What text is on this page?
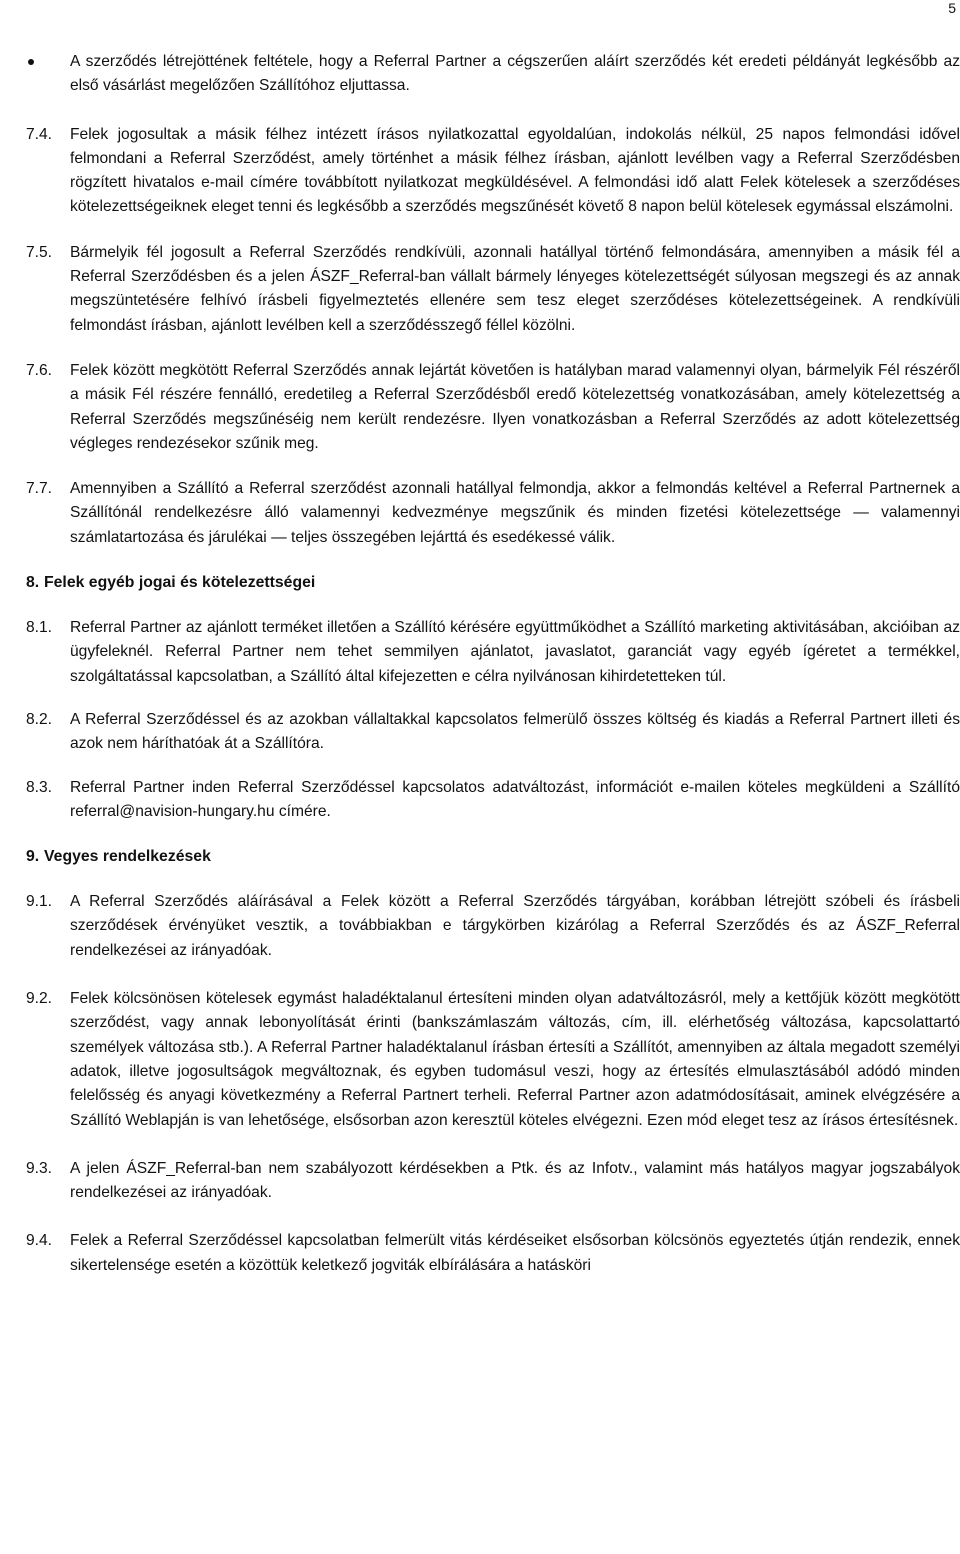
5

A szerződés létrejöttének feltétele, hogy a Referral Partner a cégszerűen aláírt szerződés két eredeti példányát legkésőbb az első vásárlást megelőzően Szállítóhoz eljuttassa.

7.4. Felek jogosultak a másik félhez intézett írásos nyilatkozattal egyoldalúan, indokolás nélkül, 25 napos felmondási idővel felmondani a Referral Szerződést, amely történhet a másik félhez írásban, ajánlott levélben vagy a Referral Szerződésben rögzített hivatalos e-mail címére továbbított nyilatkozat megküldésével. A felmondási idő alatt Felek kötelesek a szerződéses kötelezettségeiknek eleget tenni és legkésőbb a szerződés megszűnését követő 8 napon belül kötelesek egymással elszámolni.

7.5. Bármelyik fél jogosult a Referral Szerződés rendkívüli, azonnali hatállyal történő felmondására, amennyiben a másik fél a Referral Szerződésben és a jelen ÁSZF_Referral-ban vállalt bármely lényeges kötelezettségét súlyosan megszegi és az annak megszüntetésére felhívó írásbeli figyelmeztetés ellenére sem tesz eleget szerződéses kötelezettségeinek. A rendkívüli felmondást írásban, ajánlott levélben kell a szerződésszegő féllel közölni.

7.6. Felek között megkötött Referral Szerződés annak lejártát követően is hatályban marad valamennyi olyan, bármelyik Fél részéről a másik Fél részére fennálló, eredetileg a Referral Szerződésből eredő kötelezettség vonatkozásában, amely kötelezettség a Referral Szerződés megszűnéséig nem került rendezésre. Ilyen vonatkozásban a Referral Szerződés az adott kötelezettség végleges rendezésekor szűnik meg.

7.7. Amennyiben a Szállító a Referral szerződést azonnali hatállyal felmondja, akkor a felmondás keltével a Referral Partnernek a Szállítónál rendelkezésre álló valamennyi kedvezménye megszűnik és minden fizetési kötelezettsége — valamennyi számlatartozása és járulékai — teljes összegében lejárttá és esedékessé válik.

8. Felek egyéb jogai és kötelezettségei

8.1. Referral Partner az ajánlott terméket illetően a Szállító kérésére együttműködhet a Szállító marketing aktivitásában, akcióiban az ügyfeleknél. Referral Partner nem tehet semmilyen ajánlatot, javaslatot, garanciát vagy egyéb ígéretet a termékkel, szolgáltatással kapcsolatban, a Szállító által kifejezetten e célra nyilvánosan kihirdetetteken túl.

8.2. A Referral Szerződéssel és az azokban vállaltakkal kapcsolatos felmerülő összes költség és kiadás a Referral Partnert illeti és azok nem háríthatóak át a Szállítóra.

8.3. Referral Partner inden Referral Szerződéssel kapcsolatos adatváltozást, információt e-mailen köteles megküldeni a Szállító referral@navision-hungary.hu címére.

9. Vegyes rendelkezések

9.1. A Referral Szerződés aláírásával a Felek között a Referral Szerződés tárgyában, korábban létrejött szóbeli és írásbeli szerződések érvényüket vesztik, a továbbiakban e tárgykörben kizárólag a Referral Szerződés és az ÁSZF_Referral rendelkezései az irányadóak.

9.2. Felek kölcsönösen kötelesek egymást haladéktalanul értesíteni minden olyan adatváltozásról, mely a kettőjük között megkötött szerződést, vagy annak lebonyolítását érinti (bankszámlaszám változás, cím, ill. elérhetőség változása, kapcsolattartó személyek változása stb.). A Referral Partner haladéktalanul írásban értesíti a Szállítót, amennyiben az általa megadott személyi adatok, illetve jogosultságok megváltoznak, és egyben tudomásul veszi, hogy az értesítés elmulasztásából adódó minden felelősség és anyagi következmény a Referral Partnert terheli. Referral Partner azon adatmódosításait, aminek elvégzésére a Szállító Weblapján is van lehetősége, elsősorban azon keresztül köteles elvégezni. Ezen mód eleget tesz az írásos értesítésnek.

9.3. A jelen ÁSZF_Referral-ban nem szabályozott kérdésekben a Ptk. és az Infotv., valamint más hatályos magyar jogszabályok rendelkezései az irányadóak.

9.4. Felek a Referral Szerződéssel kapcsolatban felmerült vitás kérdéseiket elsősorban kölcsönös egyeztetés útján rendezik, ennek sikertelensége esetén a közöttük keletkező jogviták elbírálására a hatásköri
